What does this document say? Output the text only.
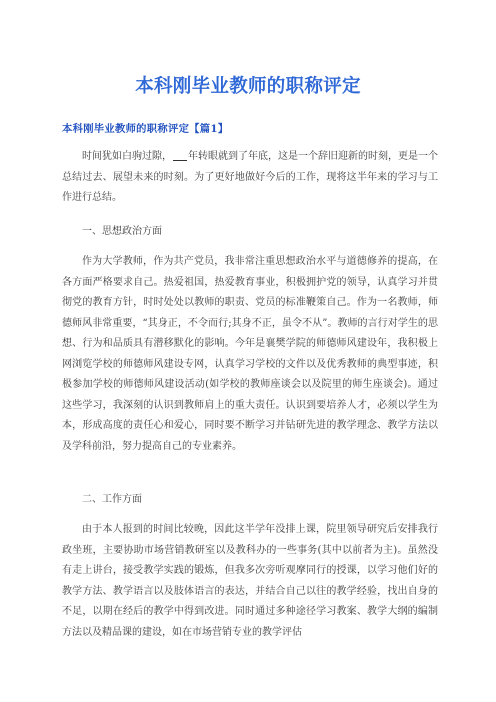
本科刚毕业教师的职称评定
本科刚毕业教师的职称评定【篇1】

时间犹如白驹过隙， 年转眼就到了年底，这是一个辞旧迎新的时刻，更是一个总结过去、展望未来的时刻。为了更好地做好今后的工作，现将这半年来的学习与工作进行总结。

一、思想政治方面

作为大学教师，作为共产党员，我非常注重思想政治水平与道德修养的提高，在各方面严格要求自己。热爱祖国，热爱教育事业，积极拥护党的领导，认真学习并贯彻党的教育方针，时时处处以教师的职责、党员的标准鞭策自己。作为一名教师，师德师风非常重要，“其身正，不令而行;其身不正，虽令不从”。教师的言行对学生的思想、行为和品质具有潜移默化的影响。今年是襄樊学院的师德师风建设年，我积极上网浏览学校的师德师风建设专网，认真学习学校的文件以及优秀教师的典型事迹，积极参加学校的师德师风建设活动(如学校的教师座谈会以及院里的师生座谈会)。通过这些学习，我深刻的认识到教师肩上的重大责任。认识到要培养人才，必须以学生为本，形成高度的责任心和爱心，同时要不断学习并钻研先进的教学理念、教学方法以及学科前沿，努力提高自己的专业素养。

二、工作方面

由于本人报到的时间比较晚，因此这半学年没排上课，院里领导研究后安排我行政坐班，主要协助市场营销教研室以及教科办的一些事务(其中以前者为主)。虽然没有走上讲台，接受教学实践的锻炼，但我多次旁听观摩同行的授课，以学习他们好的教学方法、教学语言以及肢体语言的表达，并结合自己以往的教学经验，找出自身的不足，以期在经后的教学中得到改进。同时通过多种途径学习教案、教学大纲的编制方法以及精品课的建设，如在市场营销专业的教学评估
